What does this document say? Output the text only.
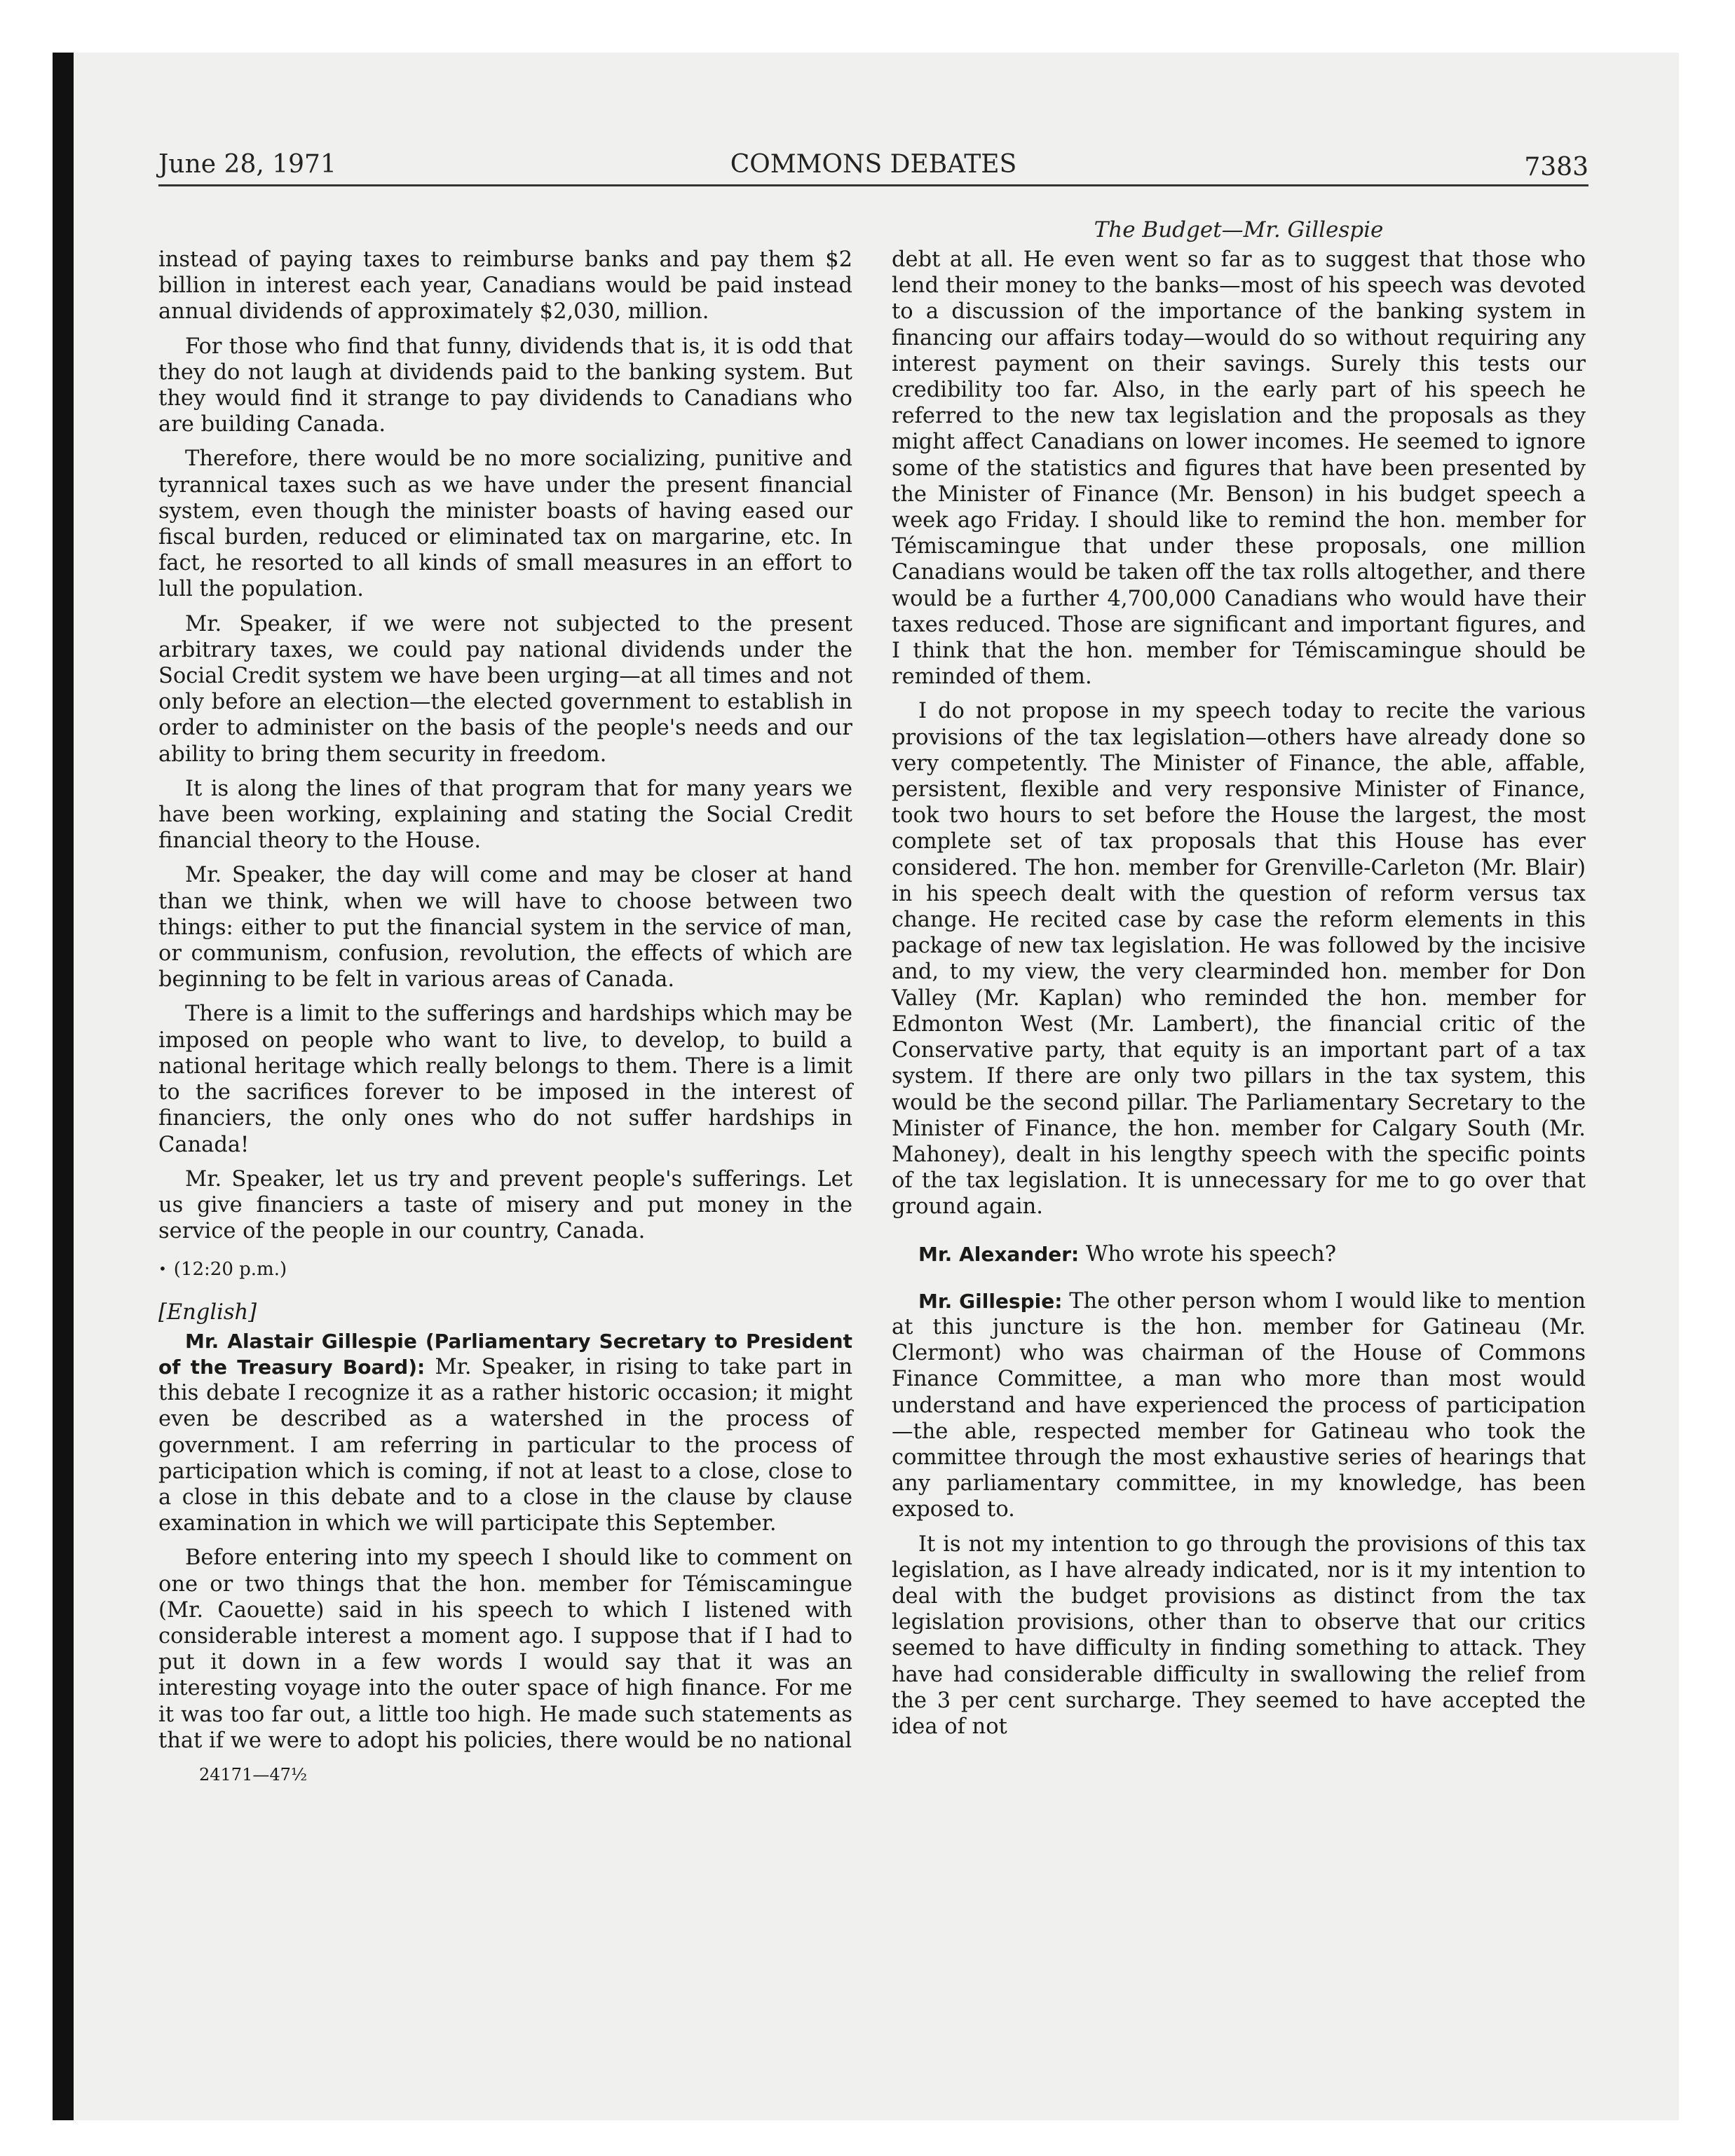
June 28, 1971	COMMONS DEBATES	7383
The Budget—Mr. Gillespie

instead of paying taxes to reimburse banks and pay them $2 billion in interest each year, Canadians would be paid instead annual dividends of approximately $2,030, million.

For those who find that funny, dividends that is, it is odd that they do not laugh at dividends paid to the banking system. But they would find it strange to pay dividends to Canadians who are building Canada.

Therefore, there would be no more socializing, punitive and tyrannical taxes such as we have under the present financial system, even though the minister boasts of having eased our fiscal burden, reduced or eliminated tax on margarine, etc. In fact, he resorted to all kinds of small measures in an effort to lull the population.

Mr. Speaker, if we were not subjected to the present arbitrary taxes, we could pay national dividends under the Social Credit system we have been urging—at all times and not only before an election—the elected government to establish in order to administer on the basis of the people's needs and our ability to bring them security in freedom.

It is along the lines of that program that for many years we have been working, explaining and stating the Social Credit financial theory to the House.

Mr. Speaker, the day will come and may be closer at hand than we think, when we will have to choose between two things: either to put the financial system in the service of man, or communism, confusion, revolution, the effects of which are beginning to be felt in various areas of Canada.

There is a limit to the sufferings and hardships which may be imposed on people who want to live, to develop, to build a national heritage which really belongs to them. There is a limit to the sacrifices forever to be imposed in the interest of financiers, the only ones who do not suffer hardships in Canada!

Mr. Speaker, let us try and prevent people's sufferings. Let us give financiers a taste of misery and put money in the service of the people in our country, Canada.

• (12:20 p.m.)
[English]

Mr. Alastair Gillespie (Parliamentary Secretary to President of the Treasury Board): Mr. Speaker, in rising to take part in this debate I recognize it as a rather historic occasion; it might even be described as a watershed in the process of government. I am referring in particular to the process of participation which is coming, if not at least to a close, close to a close in this debate and to a close in the clause by clause examination in which we will participate this September.

Before entering into my speech I should like to comment on one or two things that the hon. member for Témiscamingue (Mr. Caouette) said in his speech to which I listened with considerable interest a moment ago. I suppose that if I had to put it down in a few words I would say that it was an interesting voyage into the outer space of high finance. For me it was too far out, a little too high. He made such statements as that if we were to adopt his policies, there would be no national

24171—47½

debt at all. He even went so far as to suggest that those who lend their money to the banks—most of his speech was devoted to a discussion of the importance of the banking system in financing our affairs today—would do so without requiring any interest payment on their savings. Surely this tests our credibility too far. Also, in the early part of his speech he referred to the new tax legislation and the proposals as they might affect Canadians on lower incomes. He seemed to ignore some of the statistics and figures that have been presented by the Minister of Finance (Mr. Benson) in his budget speech a week ago Friday. I should like to remind the hon. member for Témiscamingue that under these proposals, one million Canadians would be taken off the tax rolls altogether, and there would be a further 4,700,000 Canadians who would have their taxes reduced. Those are significant and important figures, and I think that the hon. member for Témiscamingue should be reminded of them.

I do not propose in my speech today to recite the various provisions of the tax legislation—others have already done so very competently. The Minister of Finance, the able, affable, persistent, flexible and very responsive Minister of Finance, took two hours to set before the House the largest, the most complete set of tax proposals that this House has ever considered. The hon. member for Grenville-Carleton (Mr. Blair) in his speech dealt with the question of reform versus tax change. He recited case by case the reform elements in this package of new tax legislation. He was followed by the incisive and, to my view, the very clearminded hon. member for Don Valley (Mr. Kaplan) who reminded the hon. member for Edmonton West (Mr. Lambert), the financial critic of the Conservative party, that equity is an important part of a tax system. If there are only two pillars in the tax system, this would be the second pillar. The Parliamentary Secretary to the Minister of Finance, the hon. member for Calgary South (Mr. Mahoney), dealt in his lengthy speech with the specific points of the tax legislation. It is unnecessary for me to go over that ground again.

Mr. Alexander: Who wrote his speech?

Mr. Gillespie: The other person whom I would like to mention at this juncture is the hon. member for Gatineau (Mr. Clermont) who was chairman of the House of Commons Finance Committee, a man who more than most would understand and have experienced the process of participation—the able, respected member for Gatineau who took the committee through the most exhaustive series of hearings that any parliamentary committee, in my knowledge, has been exposed to.

It is not my intention to go through the provisions of this tax legislation, as I have already indicated, nor is it my intention to deal with the budget provisions as distinct from the tax legislation provisions, other than to observe that our critics seemed to have difficulty in finding something to attack. They have had considerable difficulty in swallowing the relief from the 3 per cent surcharge. They seemed to have accepted the idea of not
